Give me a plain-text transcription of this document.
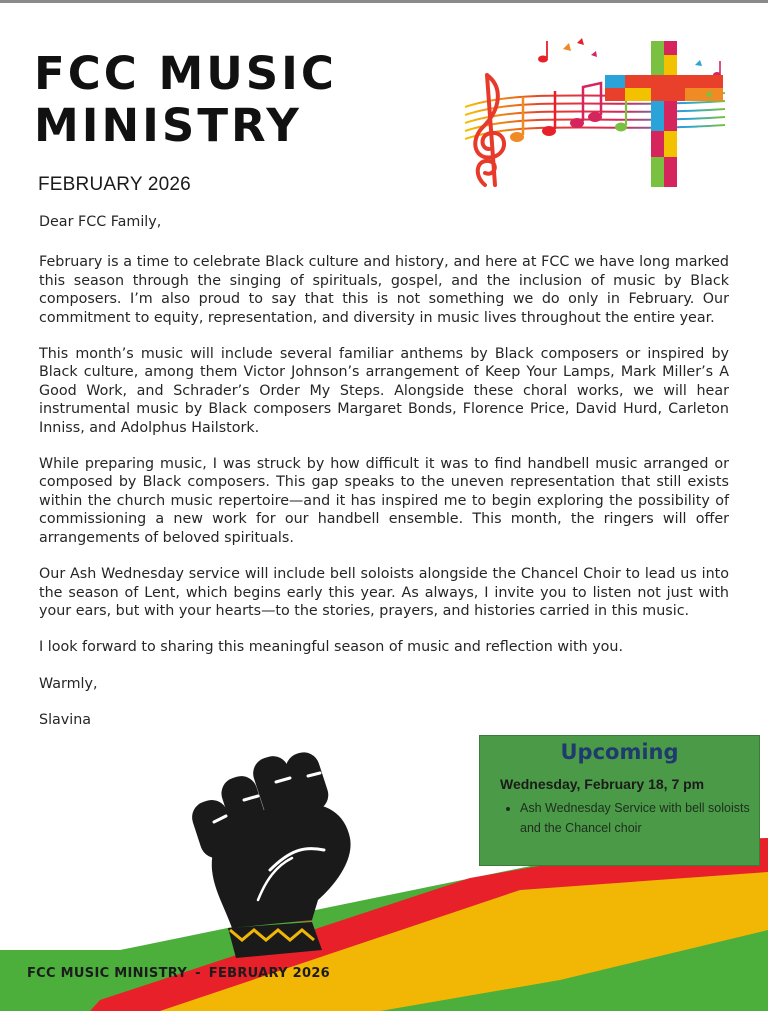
FCC MUSIC
MINISTRY
FEBRUARY 2026

Dear FCC Family,

February is a time to celebrate Black culture and history, and here at FCC we have long marked this season through the singing of spirituals, gospel, and the inclusion of music by Black composers. I’m also proud to say that this is not something we do only in February. Our commitment to equity, representation, and diversity in music lives throughout the entire year.

This month’s music will include several familiar anthems by Black composers or inspired by Black culture, among them Victor Johnson’s arrangement of Keep Your Lamps, Mark Miller’s A Good Work, and Schrader’s Order My Steps. Alongside these choral works, we will hear instrumental music by Black composers Margaret Bonds, Florence Price, David Hurd, Carleton Inniss, and Adolphus Hailstork.

While preparing music, I was struck by how difficult it was to find handbell music arranged or composed by Black composers. This gap speaks to the uneven representation that still exists within the church music repertoire—and it has inspired me to begin exploring the possibility of commissioning a new work for our handbell ensemble. This month, the ringers will offer arrangements of beloved spirituals.

Our Ash Wednesday service will include bell soloists alongside the Chancel Choir to lead us into the season of Lent, which begins early this year. As always, I invite you to listen not just with your ears, but with your hearts—to the stories, prayers, and histories carried in this music.

I look forward to sharing this meaningful season of music and reflection with you.

Warmly,

Slavina

Upcoming
Wednesday, February 18, 7 pm
• Ash Wednesday Service with bell soloists and the Chancel choir
FCC MUSIC MINISTRY - FEBRUARY 2026
